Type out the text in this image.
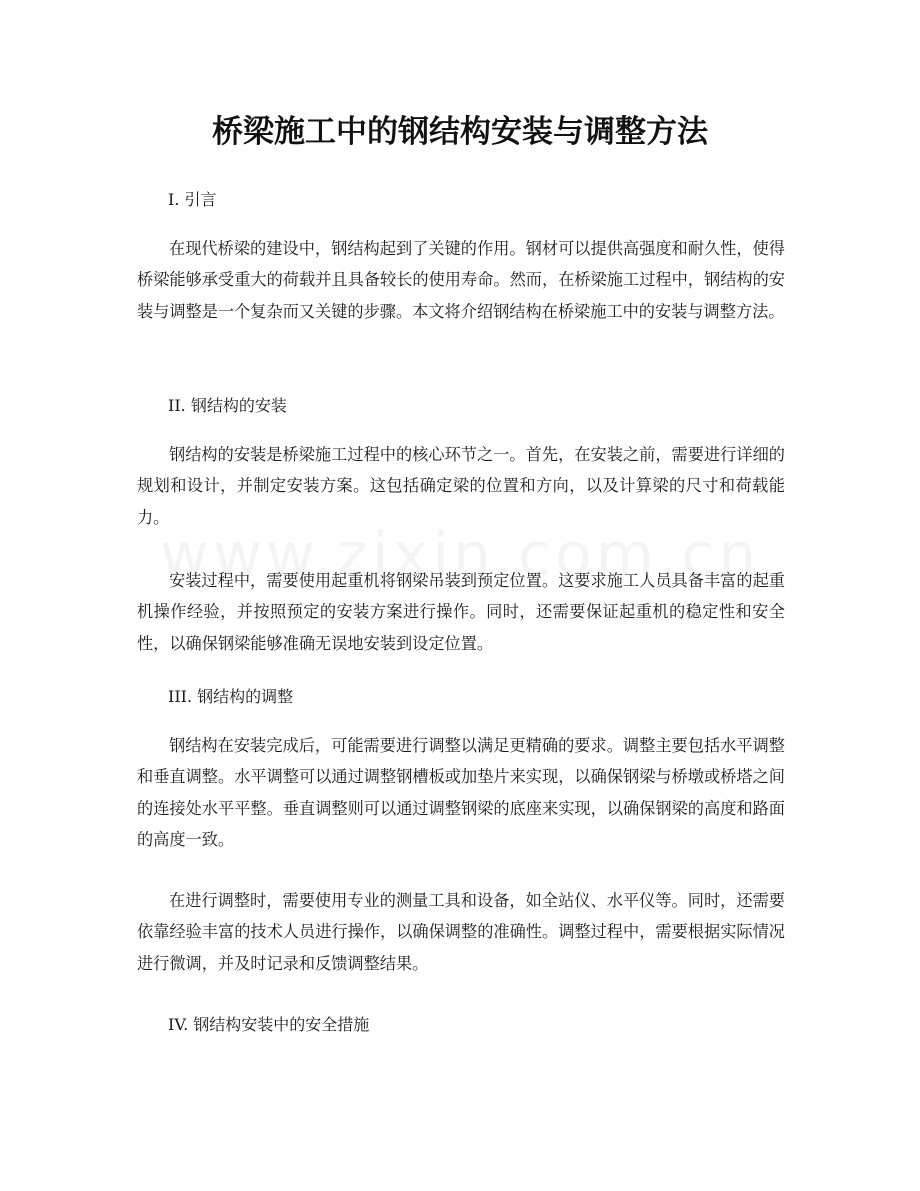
桥梁施工中的钢结构安装与调整方法

I. 引言

在现代桥梁的建设中，钢结构起到了关键的作用。钢材可以提供高强度和耐久性，使得桥梁能够承受重大的荷载并且具备较长的使用寿命。然而，在桥梁施工过程中，钢结构的安装与调整是一个复杂而又关键的步骤。本文将介绍钢结构在桥梁施工中的安装与调整方法。

II. 钢结构的安装

钢结构的安装是桥梁施工过程中的核心环节之一。首先，在安装之前，需要进行详细的规划和设计，并制定安装方案。这包括确定梁的位置和方向，以及计算梁的尺寸和荷载能力。

安装过程中，需要使用起重机将钢梁吊装到预定位置。这要求施工人员具备丰富的起重机操作经验，并按照预定的安装方案进行操作。同时，还需要保证起重机的稳定性和安全性，以确保钢梁能够准确无误地安装到设定位置。

III. 钢结构的调整

钢结构在安装完成后，可能需要进行调整以满足更精确的要求。调整主要包括水平调整和垂直调整。水平调整可以通过调整钢槽板或加垫片来实现，以确保钢梁与桥墩或桥塔之间的连接处水平平整。垂直调整则可以通过调整钢梁的底座来实现，以确保钢梁的高度和路面的高度一致。

在进行调整时，需要使用专业的测量工具和设备，如全站仪、水平仪等。同时，还需要依靠经验丰富的技术人员进行操作，以确保调整的准确性。调整过程中，需要根据实际情况进行微调，并及时记录和反馈调整结果。

IV. 钢结构安装中的安全措施
